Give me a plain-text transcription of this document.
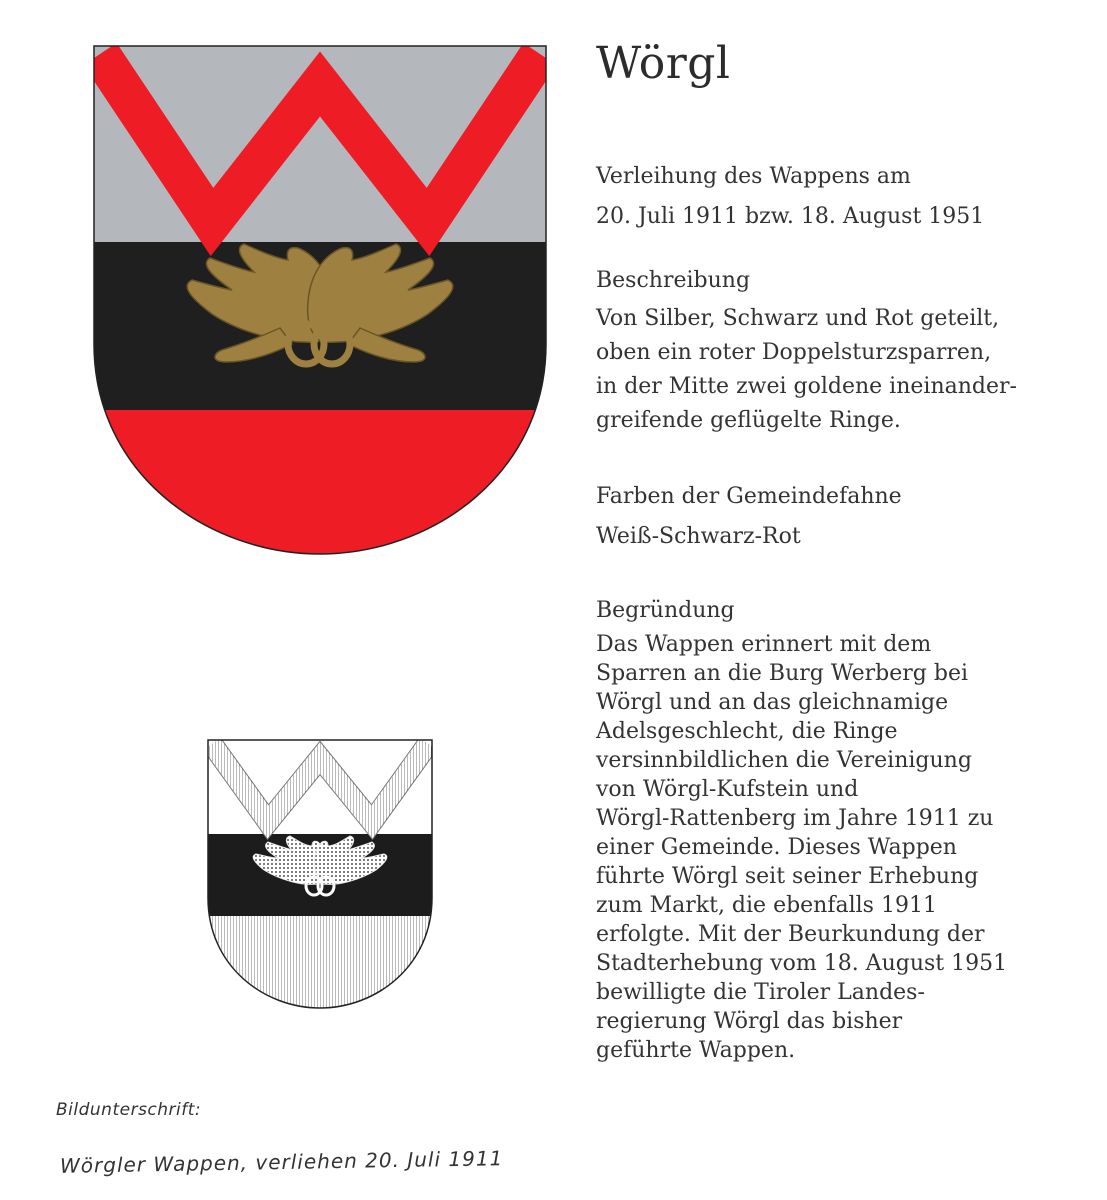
Wörgl
Verleihung des Wappens am
20. Juli 1911 bzw. 18. August 1951
Beschreibung
Von Silber, Schwarz und Rot geteilt,
oben ein roter Doppelsturzsparren,
in der Mitte zwei goldene ineinander-
greifende geflügelte Ringe.
Farben der Gemeindefahne
Weiß-Schwarz-Rot
Begründung
Das Wappen erinnert mit dem
Sparren an die Burg Werberg bei
Wörgl und an das gleichnamige
Adelsgeschlecht, die Ringe
versinnbildlichen die Vereinigung
von Wörgl-Kufstein und
Wörgl-Rattenberg im Jahre 1911 zu
einer Gemeinde. Dieses Wappen
führte Wörgl seit seiner Erhebung
zum Markt, die ebenfalls 1911
erfolgte. Mit der Beurkundung der
Stadterhebung vom 18. August 1951
bewilligte die Tiroler Landes-
regierung Wörgl das bisher
geführte Wappen.
Bildunterschrift:
Wörgler Wappen, verliehen 20. Juli 1911
